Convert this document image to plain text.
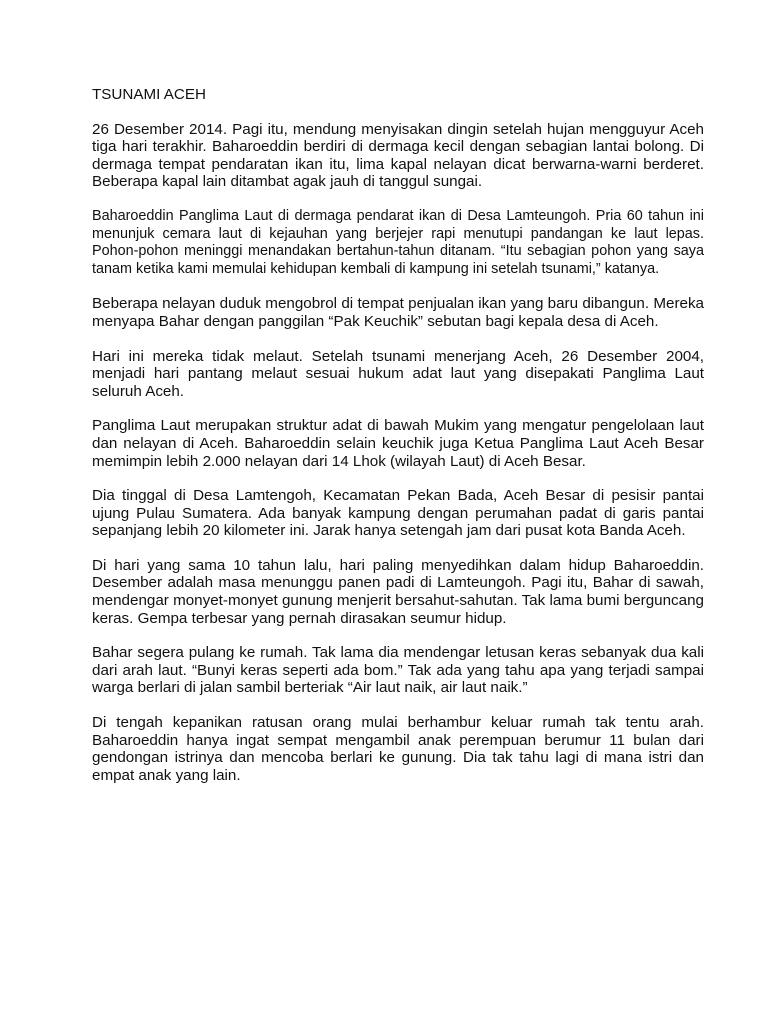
TSUNAMI ACEH

26 Desember 2014. Pagi itu, mendung menyisakan dingin setelah hujan mengguyur Aceh tiga hari terakhir. Baharoeddin berdiri di dermaga kecil dengan sebagian lantai bolong. Di dermaga tempat pendaratan ikan itu, lima kapal nelayan dicat berwarna-warni berderet. Beberapa kapal lain ditambat agak jauh di tanggul sungai.

Baharoeddin Panglima Laut di dermaga pendarat ikan di Desa Lamteungoh. Pria 60 tahun ini menunjuk cemara laut di kejauhan yang berjejer rapi menutupi pandangan ke laut lepas. Pohon-pohon meninggi menandakan bertahun-tahun ditanam. “Itu sebagian pohon yang saya tanam ketika kami memulai kehidupan kembali di kampung ini setelah tsunami,” katanya.

Beberapa nelayan duduk mengobrol di tempat penjualan ikan yang baru dibangun. Mereka menyapa Bahar dengan panggilan “Pak Keuchik” sebutan bagi kepala desa di Aceh.

Hari ini mereka tidak melaut. Setelah tsunami menerjang Aceh, 26 Desember 2004, menjadi hari pantang melaut sesuai hukum adat laut yang disepakati Panglima Laut seluruh Aceh.

Panglima Laut merupakan struktur adat di bawah Mukim yang mengatur pengelolaan laut dan nelayan di Aceh. Baharoeddin selain keuchik juga Ketua Panglima Laut Aceh Besar memimpin lebih 2.000 nelayan dari 14 Lhok (wilayah Laut) di Aceh Besar.

Dia tinggal di Desa Lamtengoh, Kecamatan Pekan Bada, Aceh Besar di pesisir pantai ujung Pulau Sumatera. Ada banyak kampung dengan perumahan padat di garis pantai sepanjang lebih 20 kilometer ini. Jarak hanya setengah jam dari pusat kota Banda Aceh.

Di hari yang sama 10 tahun lalu, hari paling menyedihkan dalam hidup Baharoeddin. Desember adalah masa menunggu panen padi di Lamteungoh. Pagi itu, Bahar di sawah, mendengar monyet-monyet gunung menjerit bersahut-sahutan. Tak lama bumi berguncang keras. Gempa terbesar yang pernah dirasakan seumur hidup.

Bahar segera pulang ke rumah. Tak lama dia mendengar letusan keras sebanyak dua kali dari arah laut. “Bunyi keras seperti ada bom.” Tak ada yang tahu apa yang terjadi sampai warga berlari di jalan sambil berteriak “Air laut naik, air laut naik.”

Di tengah kepanikan ratusan orang mulai berhambur keluar rumah tak tentu arah. Baharoeddin hanya ingat sempat mengambil anak perempuan berumur 11 bulan dari gendongan istrinya dan mencoba berlari ke gunung. Dia tak tahu lagi di mana istri dan empat anak yang lain.
